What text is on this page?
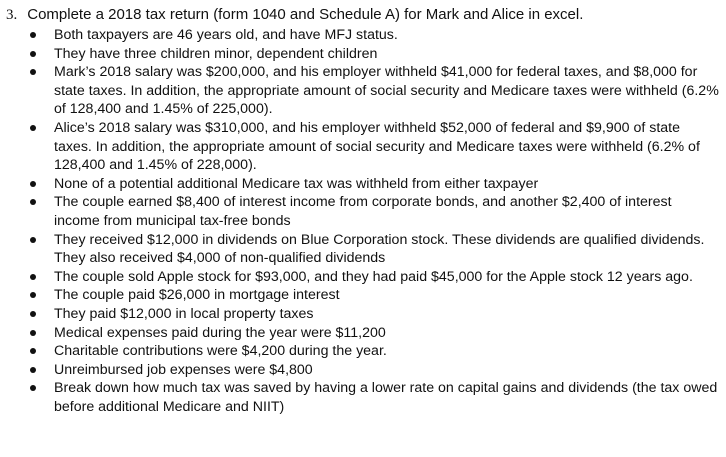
3. Complete a 2018 tax return (form 1040 and Schedule A) for Mark and Alice in excel.
Both taxpayers are 46 years old, and have MFJ status.
They have three children minor, dependent children
Mark’s 2018 salary was $200,000, and his employer withheld $41,000 for federal taxes, and $8,000 for state taxes. In addition, the appropriate amount of social security and Medicare taxes were withheld (6.2% of 128,400 and 1.45% of 225,000).
Alice’s 2018 salary was $310,000, and his employer withheld $52,000 of federal and $9,900 of state taxes. In addition, the appropriate amount of social security and Medicare taxes were withheld (6.2% of 128,400 and 1.45% of 228,000).
None of a potential additional Medicare tax was withheld from either taxpayer
The couple earned $8,400 of interest income from corporate bonds, and another $2,400 of interest income from municipal tax-free bonds
They received $12,000 in dividends on Blue Corporation stock. These dividends are qualified dividends. They also received $4,000 of non-qualified dividends
The couple sold Apple stock for $93,000, and they had paid $45,000 for the Apple stock 12 years ago.
The couple paid $26,000 in mortgage interest
They paid $12,000 in local property taxes
Medical expenses paid during the year were $11,200
Charitable contributions were $4,200 during the year.
Unreimbursed job expenses were $4,800
Break down how much tax was saved by having a lower rate on capital gains and dividends (the tax owed before additional Medicare and NIIT)
